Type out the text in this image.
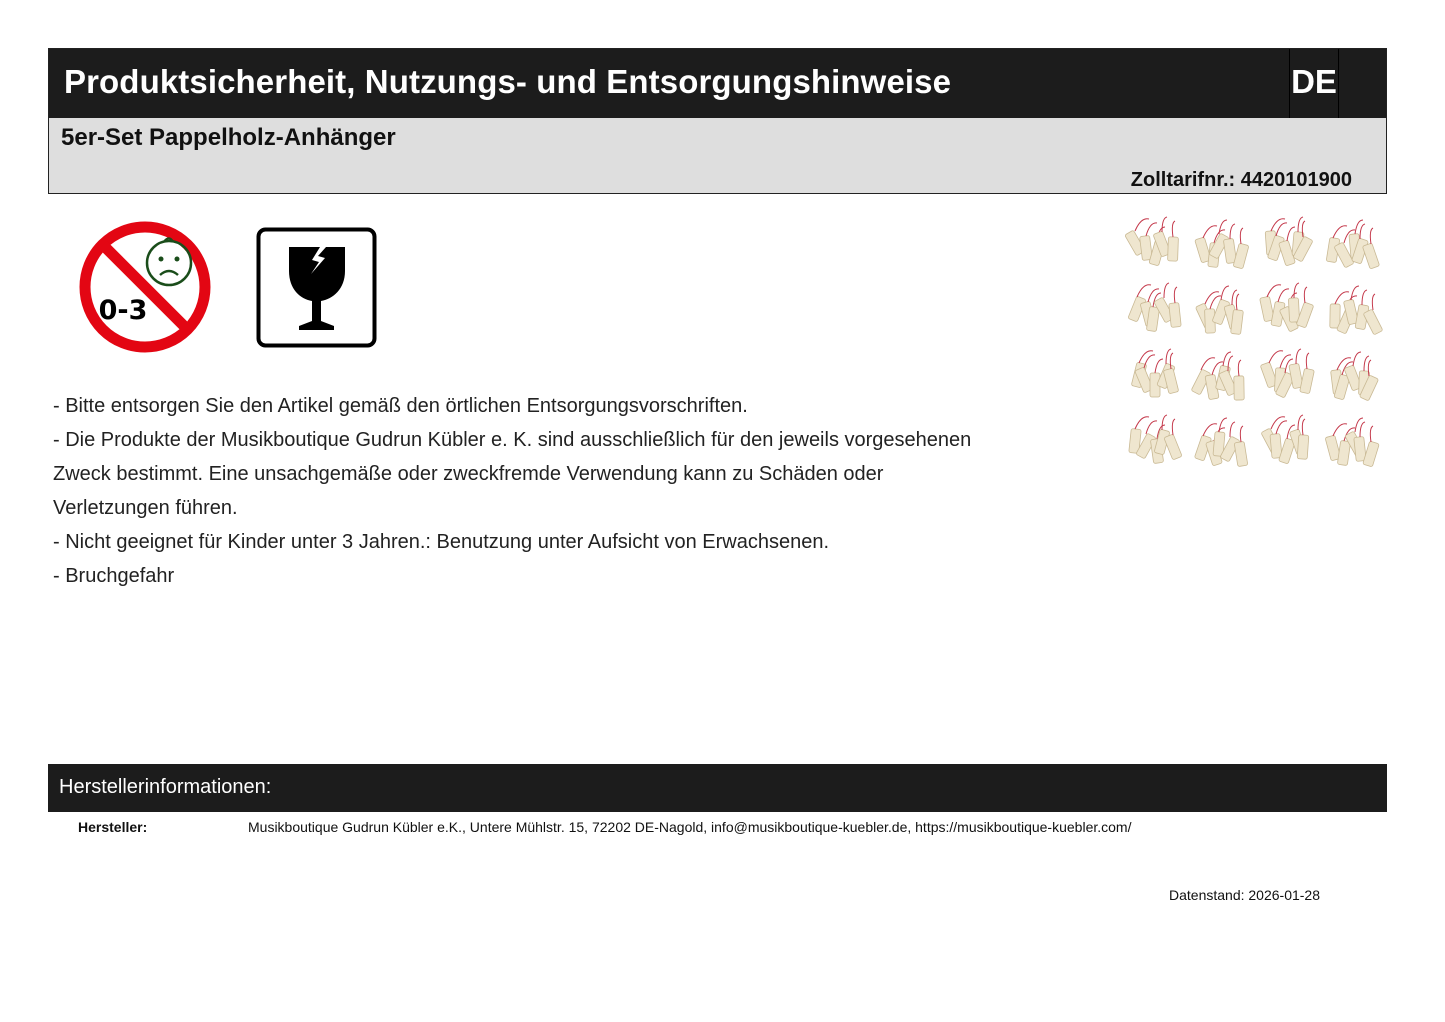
Produktsicherheit, Nutzungs- und Entsorgungshinweise	DE
5er-Set Pappelholz-Anhänger
Zolltarifnr.: 4420101900
0-3

- Bitte entsorgen Sie den Artikel gemäß den örtlichen Entsorgungsvorschriften.

- Die Produkte der Musikboutique Gudrun Kübler e. K. sind ausschließlich für den jeweils vorgesehenen

Zweck bestimmt. Eine unsachgemäße oder zweckfremde Verwendung kann zu Schäden oder

Verletzungen führen.

- Nicht geeignet für Kinder unter 3 Jahren.: Benutzung unter Aufsicht von Erwachsenen.

- Bruchgefahr

Herstellerinformationen:
Hersteller:	Musikboutique Gudrun Kübler e.K., Untere Mühlstr. 15, 72202 DE-Nagold, info@musikboutique-kuebler.de, https://musikboutique-kuebler.com/
Datenstand: 2026-01-28
